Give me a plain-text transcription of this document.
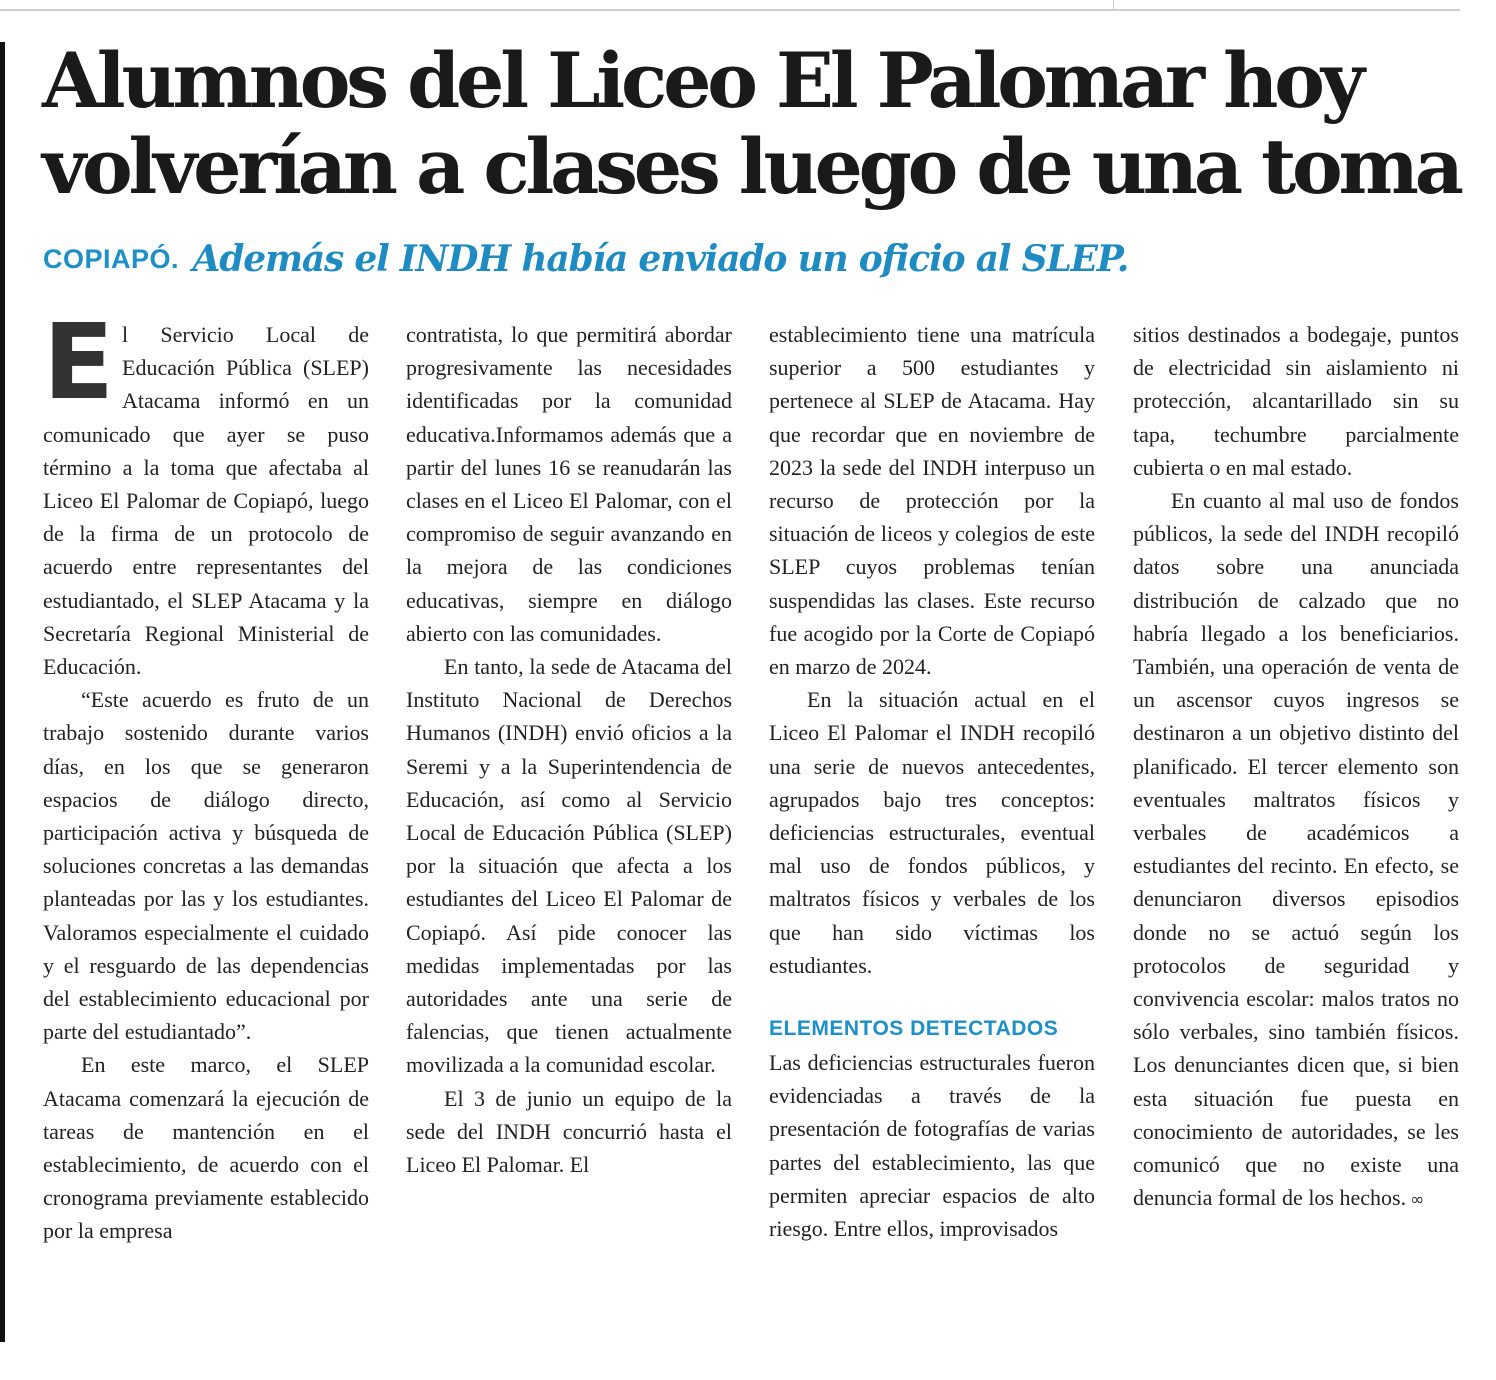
Alumnos del Liceo El Palomar hoy volverían a clases luego de una toma
COPIAPÓ. Además el INDH había enviado un oficio al SLEP.

El Servicio Local de Educación Pública (SLEP) Atacama informó en un comunicado que ayer se puso término a la toma que afectaba al Liceo El Palomar de Copiapó, luego de la firma de un protocolo de acuerdo entre representantes del estudiantado, el SLEP Atacama y la Secretaría Regional Ministerial de Educación.

“Este acuerdo es fruto de un trabajo sostenido durante varios días, en los que se generaron espacios de diálogo directo, participación activa y búsqueda de soluciones concretas a las demandas planteadas por las y los estudiantes. Valoramos especialmente el cuidado y el resguardo de las dependencias del establecimiento educacional por parte del estudiantado”.

En este marco, el SLEP Atacama comenzará la ejecución de tareas de mantención en el establecimiento, de acuerdo con el cronograma previamente establecido por la empresa

contratista, lo que permitirá abordar progresivamente las necesidades identificadas por la comunidad educativa.Informamos además que a partir del lunes 16 se reanudarán las clases en el Liceo El Palomar, con el compromiso de seguir avanzando en la mejora de las condiciones educativas, siempre en diálogo abierto con las comunidades.

En tanto, la sede de Atacama del Instituto Nacional de Derechos Humanos (INDH) envió oficios a la Seremi y a la Superintendencia de Educación, así como al Servicio Local de Educación Pública (SLEP) por la situación que afecta a los estudiantes del Liceo El Palomar de Copiapó. Así pide conocer las medidas implementadas por las autoridades ante una serie de falencias, que tienen actualmente movilizada a la comunidad escolar.

El 3 de junio un equipo de la sede del INDH concurrió hasta el Liceo El Palomar. El

establecimiento tiene una matrícula superior a 500 estudiantes y pertenece al SLEP de Atacama. Hay que recordar que en noviembre de 2023 la sede del INDH interpuso un recurso de protección por la situación de liceos y colegios de este SLEP cuyos problemas tenían suspendidas las clases. Este recurso fue acogido por la Corte de Copiapó en marzo de 2024.

En la situación actual en el Liceo El Palomar el INDH recopiló una serie de nuevos antecedentes, agrupados bajo tres conceptos: deficiencias estructurales, eventual mal uso de fondos públicos, y maltratos físicos y verbales de los que han sido víctimas los estudiantes.

ELEMENTOS DETECTADOS

Las deficiencias estructurales fueron evidenciadas a través de la presentación de fotografías de varias partes del establecimiento, las que permiten apreciar espacios de alto riesgo. Entre ellos, improvisados

sitios destinados a bodegaje, puntos de electricidad sin aislamiento ni protección, alcantarillado sin su tapa, techumbre parcialmente cubierta o en mal estado.

En cuanto al mal uso de fondos públicos, la sede del INDH recopiló datos sobre una anunciada distribución de calzado que no habría llegado a los beneficiarios. También, una operación de venta de un ascensor cuyos ingresos se destinaron a un objetivo distinto del planificado. El tercer elemento son eventuales maltratos físicos y verbales de académicos a estudiantes del recinto. En efecto, se denunciaron diversos episodios donde no se actuó según los protocolos de seguridad y convivencia escolar: malos tratos no sólo verbales, sino también físicos. Los denunciantes dicen que, si bien esta situación fue puesta en conocimiento de autoridades, se les comunicó que no existe una denuncia formal de los hechos. ∞
